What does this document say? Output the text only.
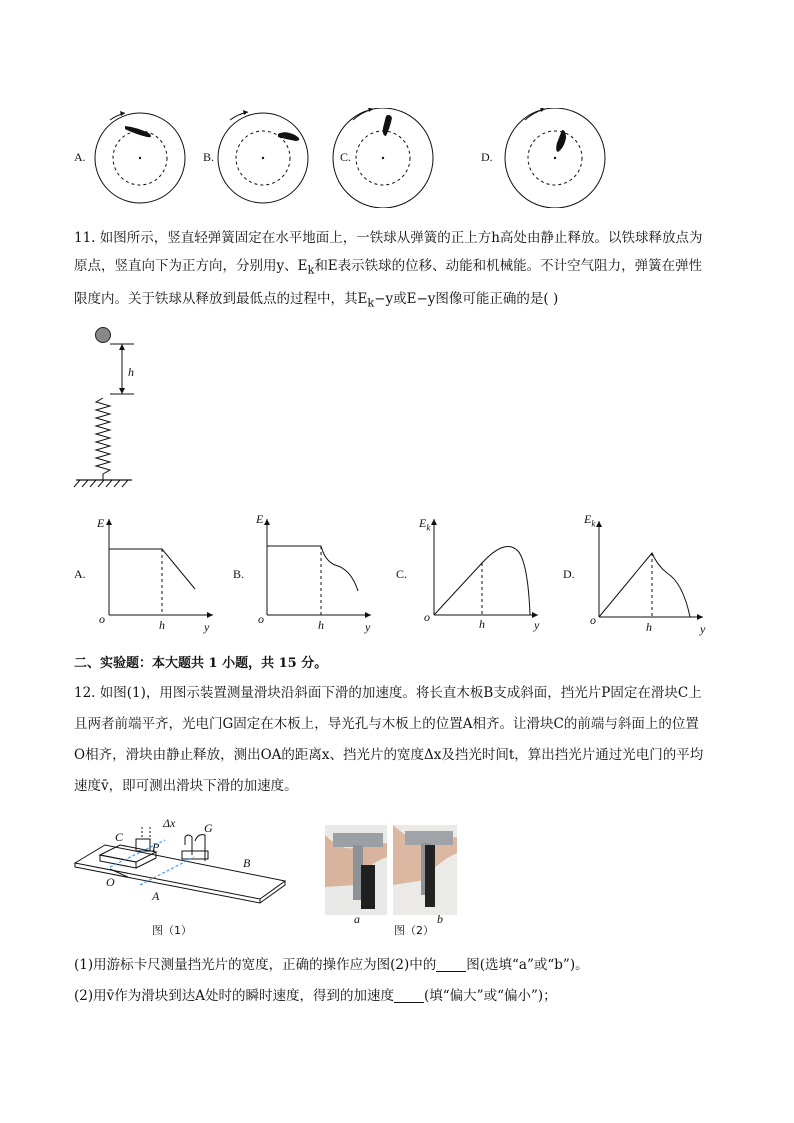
A.	B.	C.	D.
11. 如图所示，竖直轻弹簧固定在水平地面上，一铁球从弹簧的正上方h高处由静止释放。以铁球释放点为
原点，竖直向下为正方向，分别用y、$E_k$和E表示铁球的位移、动能和机械能。不计空气阻力，弹簧在弹性
限度内。关于铁球从释放到最低点的过程中，其$E_k-y$或E−y图像可能正确的是( )
h
A.
E
o	h	y
B.
E
o	h	y
C.
$E_k$
o	h	y
D.
$E_k$
o	h	y
二、实验题：本大题共 1 小题，共 15 分。
12. 如图(1)，用图示装置测量滑块沿斜面下滑的加速度。将长直木板B支成斜面，挡光片P固定在滑块C上
且两者前端平齐，光电门G固定在木板上，导光孔与木板上的位置A相齐。让滑块C的前端与斜面上的位置
O相齐，滑块由静止释放，测出OA的距离x、挡光片的宽度Δx及挡光时间t，算出挡光片通过光电门的平均
速度v̄，即可测出滑块下滑的加速度。
C
Δx G
P
B
O
A
图（1）
a	b
图（2）
(1)用游标卡尺测量挡光片的宽度，正确的操作应为图(2)中的 图(选填“a”或“b”)。
(2)用v̄作为滑块到达A处时的瞬时速度，得到的加速度 (填“偏大”或“偏小”)；
